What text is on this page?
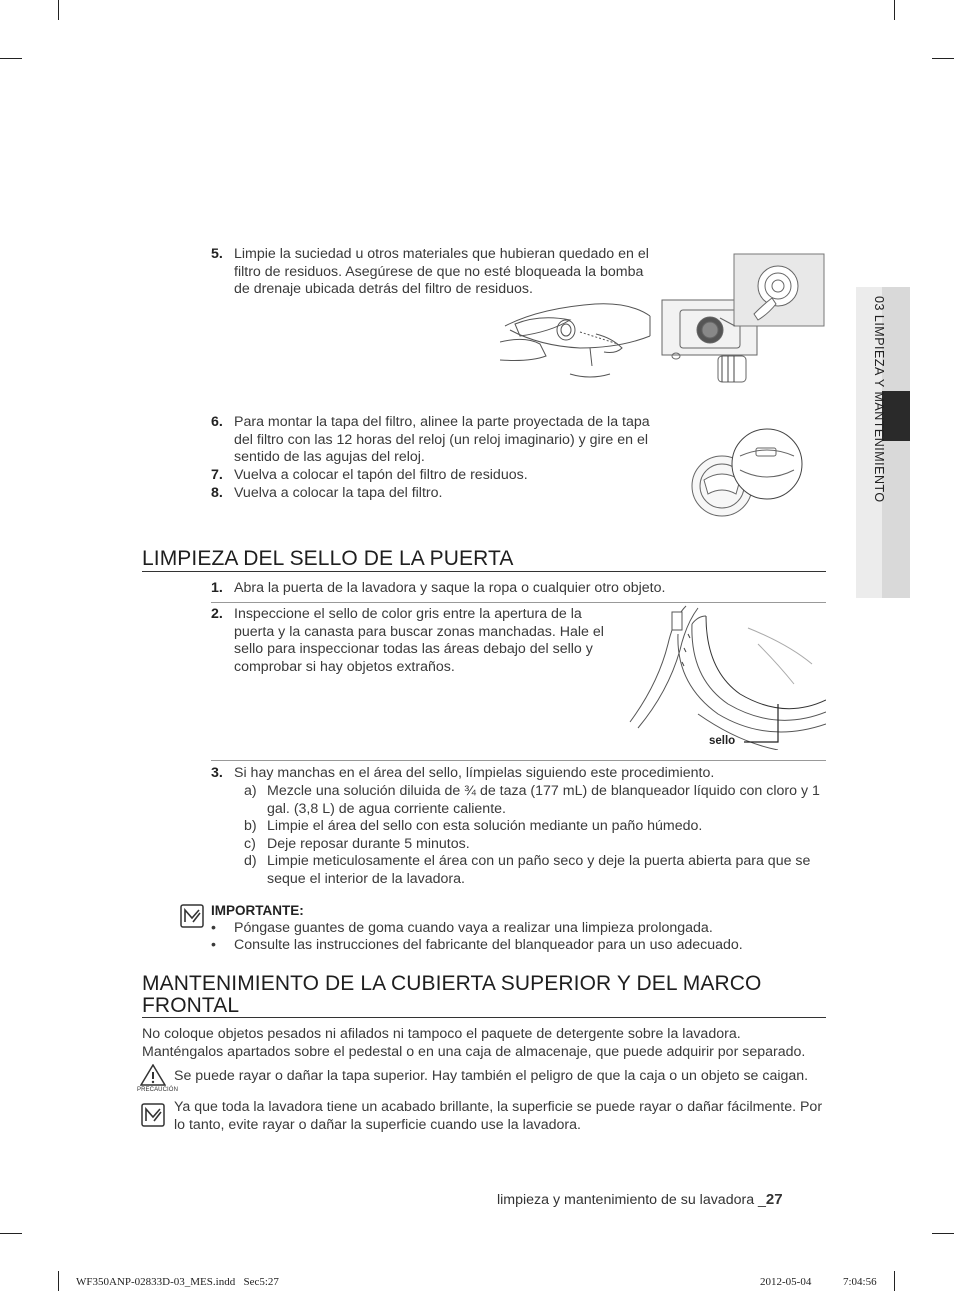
03 LIMPIEZA Y MANTENIMIENTO
5. Limpie la suciedad u otros materiales que hubieran quedado en el
filtro de residuos. Asegúrese de que no esté bloqueada la bomba
de drenaje ubicada detrás del filtro de residuos.
6. Para montar la tapa del filtro, alinee la parte proyectada de la tapa
del filtro con las 12 horas del reloj (un reloj imaginario) y gire en el
sentido de las agujas del reloj.
7. Vuelva a colocar el tapón del filtro de residuos.
8. Vuelva a colocar la tapa del filtro.
LIMPIEZA DEL SELLO DE LA PUERTA
1. Abra la puerta de la lavadora y saque la ropa o cualquier otro objeto.
2. Inspeccione el sello de color gris entre la apertura de la
puerta y la canasta para buscar zonas manchadas. Hale el
sello para inspeccionar todas las áreas debajo del sello y
comprobar si hay objetos extraños.
sello
3. Si hay manchas en el área del sello, límpielas siguiendo este procedimiento.
a) Mezcle una solución diluida de ¾ de taza (177 mL) de blanqueador líquido con cloro y 1
gal. (3,8 L) de agua corriente caliente.
b) Limpie el área del sello con esta solución mediante un paño húmedo.
c) Deje reposar durante 5 minutos.
d) Limpie meticulosamente el área con un paño seco y deje la puerta abierta para que se
seque el interior de la lavadora.
IMPORTANTE:
• Póngase guantes de goma cuando vaya a realizar una limpieza prolongada.
• Consulte las instrucciones del fabricante del blanqueador para un uso adecuado.
MANTENIMIENTO DE LA CUBIERTA SUPERIOR Y DEL MARCO
FRONTAL
No coloque objetos pesados ni afilados ni tampoco el paquete de detergente sobre la lavadora.
Manténgalos apartados sobre el pedestal o en una caja de almacenaje, que puede adquirir por separado.
PRECAUCIÓN
Se puede rayar o dañar la tapa superior. Hay también el peligro de que la caja o un objeto se caigan.
Ya que toda la lavadora tiene un acabado brillante, la superficie se puede rayar o dañar fácilmente. Por
lo tanto, evite rayar o dañar la superficie cuando use la lavadora.
limpieza y mantenimiento de su lavadora _27
WF350ANP-02833D-03_MES.indd   Sec5:27	2012-05-04	7:04:56
